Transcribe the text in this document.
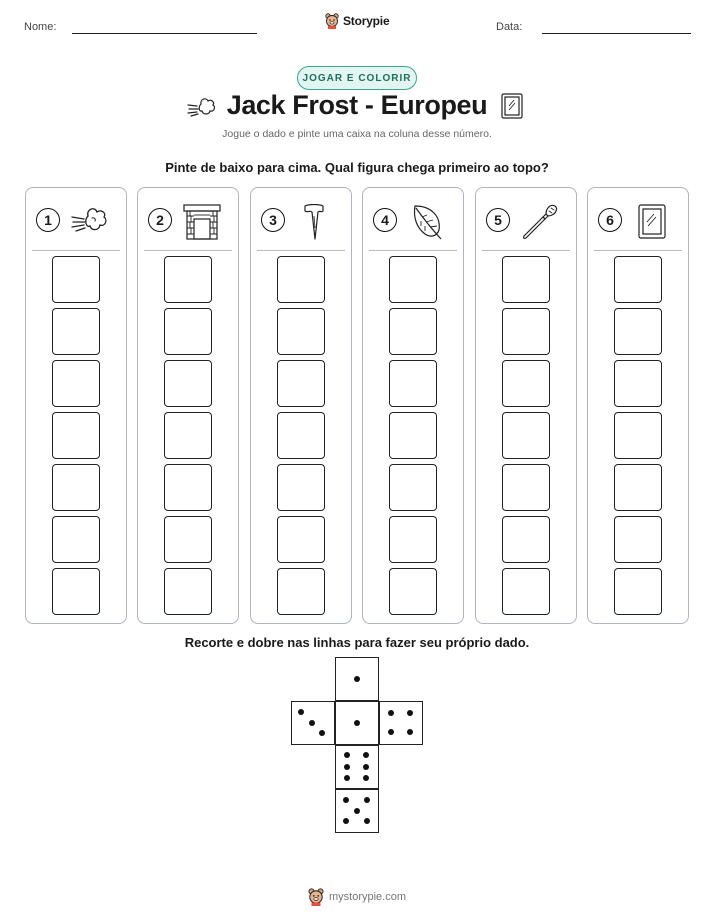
Nome:	Storypie	Data:
JOGAR E COLORIR
Jack Frost - Europeu
Jogue o dado e pinte uma caixa na coluna desse número.
Pinte de baixo para cima. Qual figura chega primeiro ao topo?
1	2	3	4	5	6
Recorte e dobre nas linhas para fazer seu próprio dado.
mystorypie.com
